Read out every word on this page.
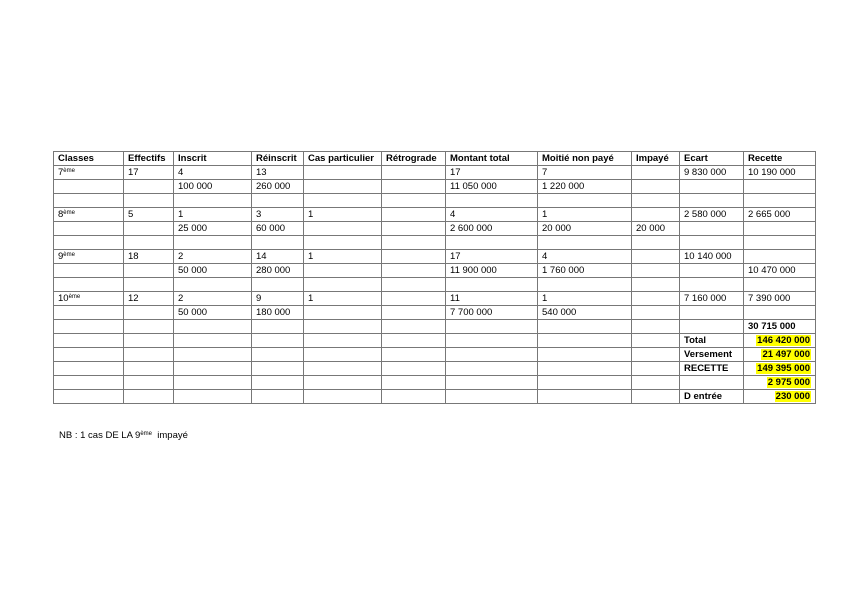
Classes	Effectifs	Inscrit	Réinscrit	Cas particulier	Rétrograde	Montant total	Moitié non payé	Impayé	Ecart	Recette
7ème	17	4	13			17	7		9 830 000	10 190 000
		100 000	260 000			11 050 000	1 220 000			

8ème	5	1	3	1		4	1		2 580 000	2 665 000
		25 000	60 000			2 600 000	20 000	20 000		

9ème	18	2	14	1		17	4		10 140 000	
		50 000	280 000			11 900 000	1 760 000			10 470 000

10ème	12	2	9	1		11	1		7 160 000	7 390 000
		50 000	180 000			7 700 000	540 000			
										30 715 000
									Total	146 420 000
									Versement	21 497 000
									RECETTE	149 395 000
										2 975 000
									D entrée	230 000
NB : 1 cas DE LA 9ème  impayé
